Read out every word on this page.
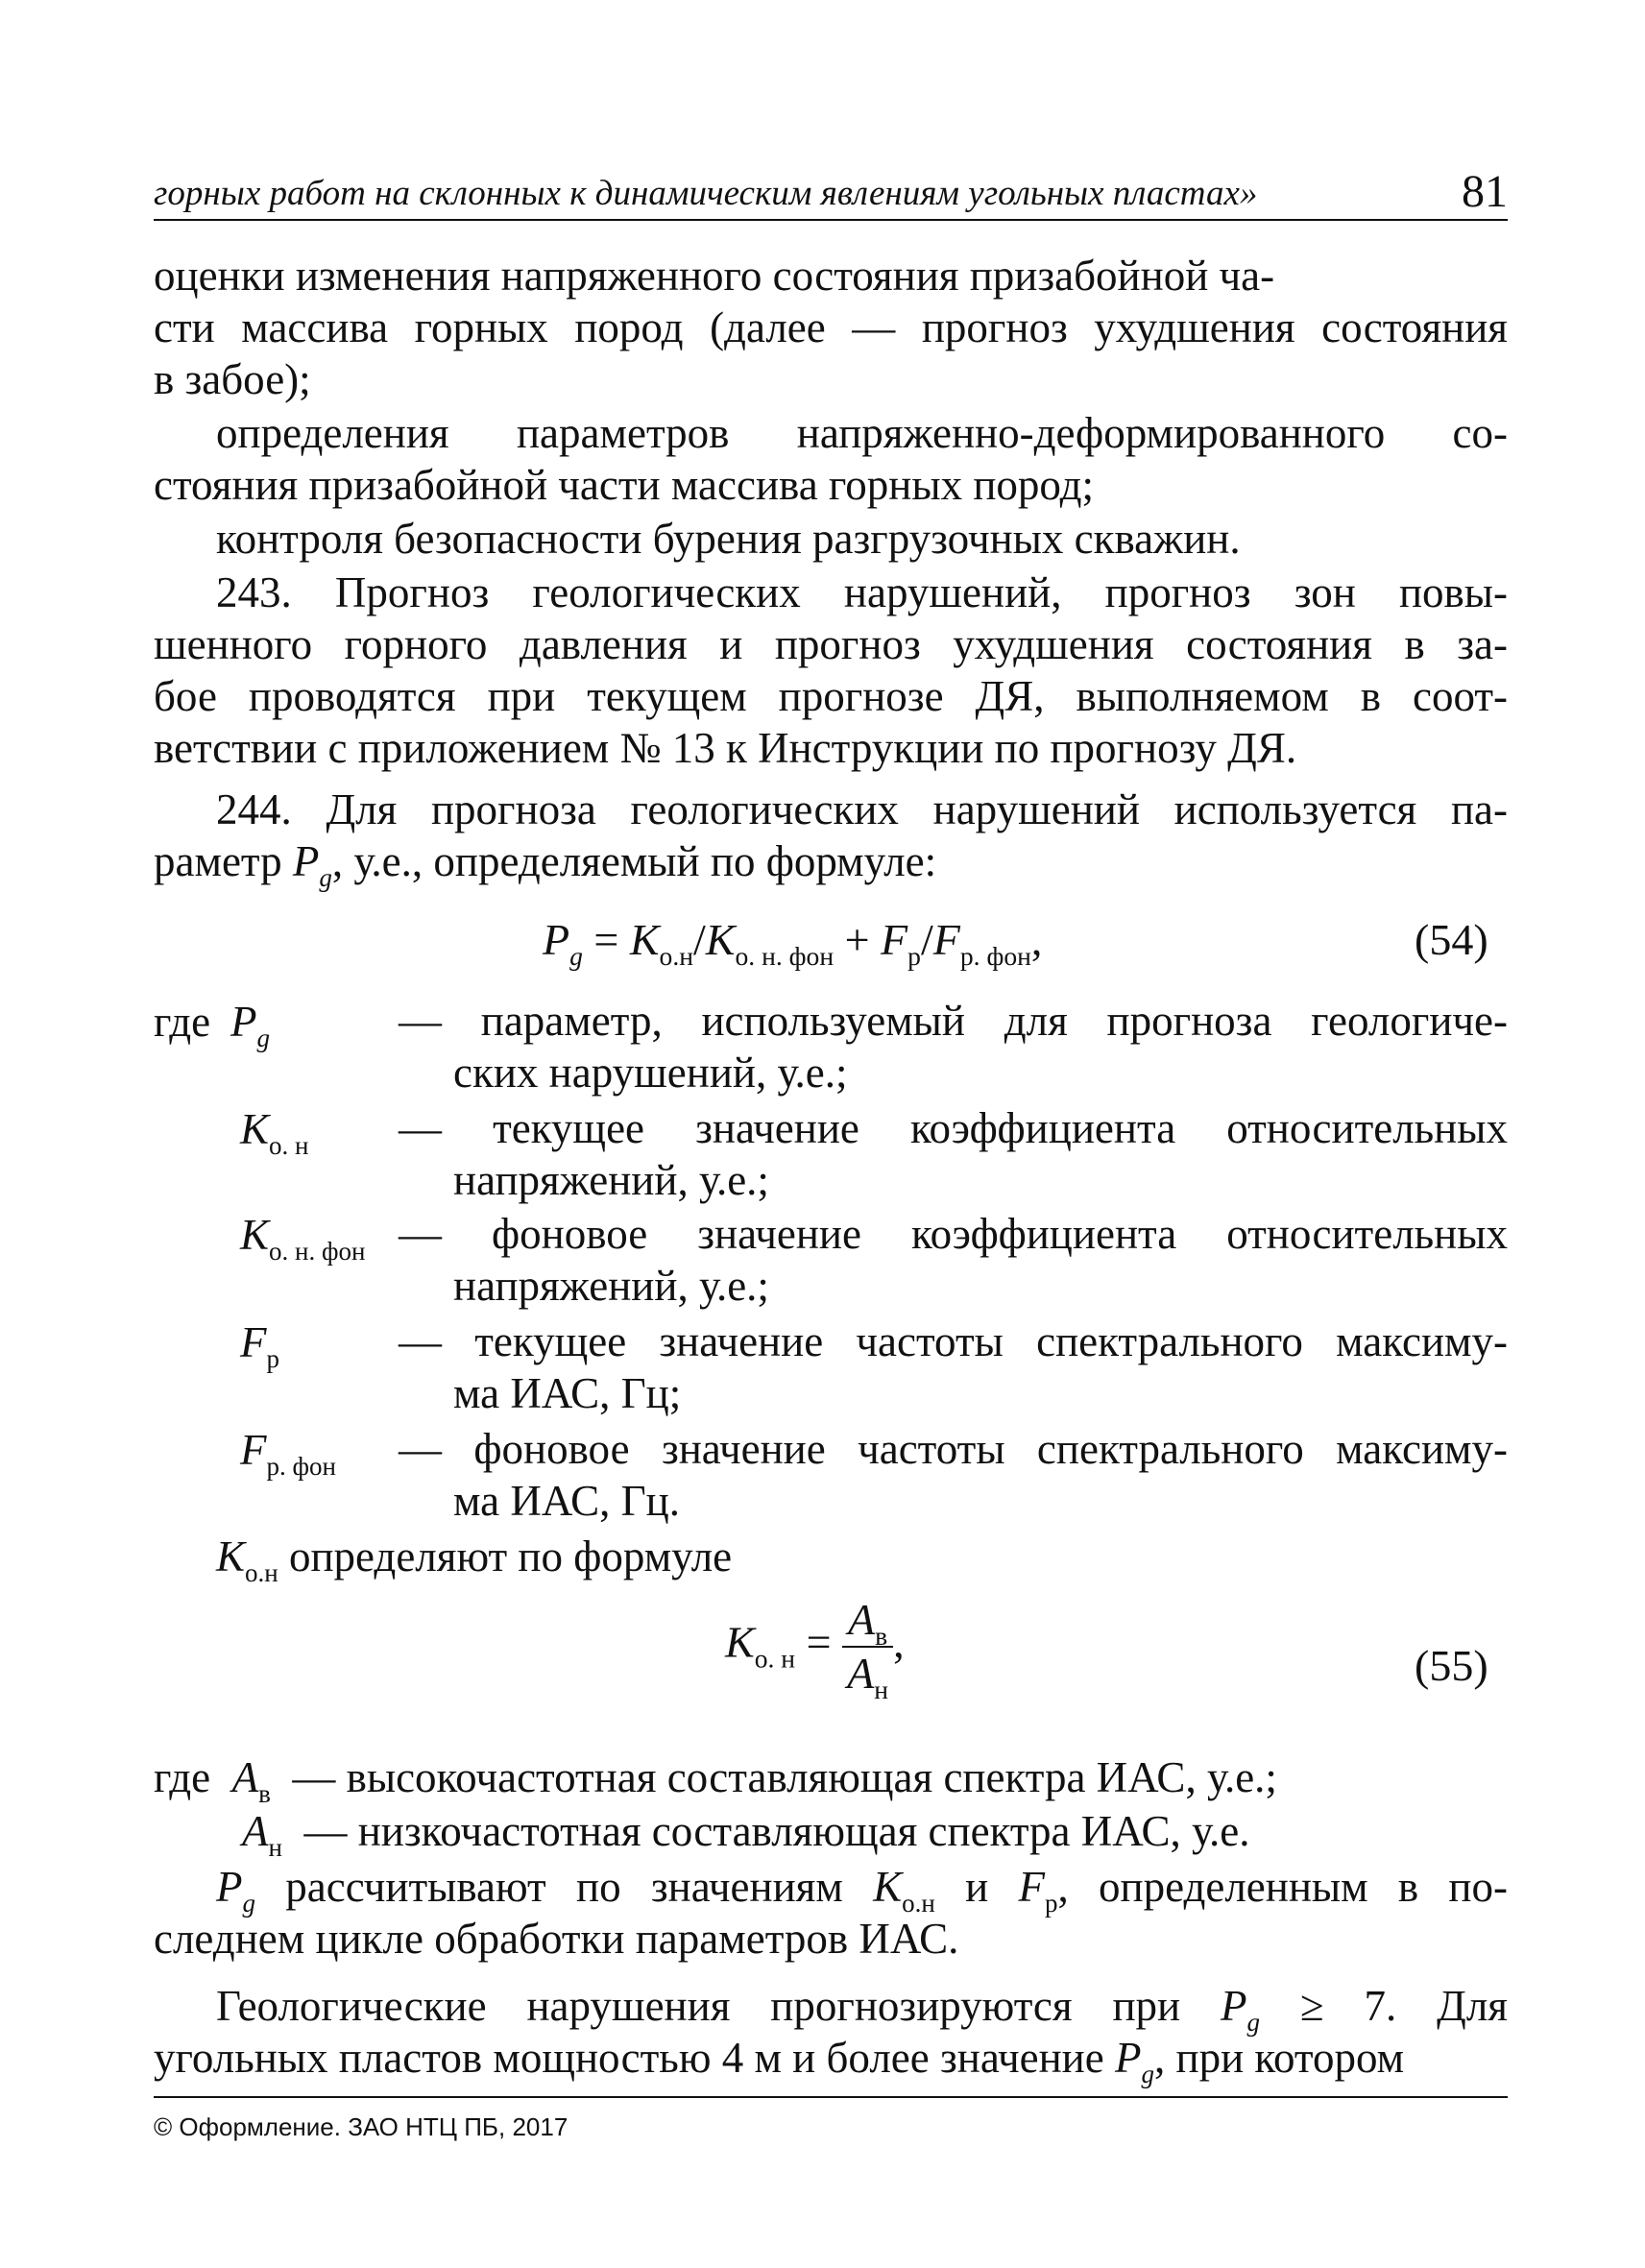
горных работ на склонных к динамическим явлениям угольных пластах»	81
оценки изменения напряженного состояния призабойной ча-
сти массива горных пород (далее — прогноз ухудшения состояния
в забое);
определения параметров напряженно-деформированного со-
стояния призабойной части массива горных пород;
контроля безопасности бурения разгрузочных скважин.
243. Прогноз геологических нарушений, прогноз зон повы-
шенного горного давления и прогноз ухудшения состояния в за-
бое проводятся при текущем прогнозе ДЯ, выполняемом в соот-
ветствии с приложением № 13 к Инструкции по прогнозу ДЯ.
244. Для прогноза геологических нарушений используется па-
раметр $P_g$, у.е., определяемый по формуле:
$P_g = K_{о.н}/K_{о. н. фон} + F_р/F_{р. фон}$,	(54)
где $P_g$	— параметр, используемый для прогноза геологиче-
ских нарушений, у.е.;
$K_{о. н}$ — текущее значение коэффициента относительных
напряжений, у.е.;
$K_{о. н. фон}$ — фоновое значение коэффициента относительных
напряжений, у.е.;
$F_р$	— текущее значение частоты спектрального максиму-
ма ИАС, Гц;
$F_{р. фон}$ — фоновое значение частоты спектрального максиму-
ма ИАС, Гц.
$K_{о.н}$ определяют по формуле
$K_{о. н} = \frac{A_в}{A_н}$ ,	(55)
где $A_в$ — высокочастотная составляющая спектра ИАС, у.е.;
$A_н$ — низкочастотная составляющая спектра ИАС, у.е.
$P_g$ рассчитывают по значениям $K_{о.н}$ и $F_р$, определенным в по-
следнем цикле обработки параметров ИАС.
Геологические нарушения прогнозируются при $P_g \ge 7$. Для
угольных пластов мощностью 4 м и более значение $P_g$, при котором
© Оформление. ЗАО НТЦ ПБ, 2017
